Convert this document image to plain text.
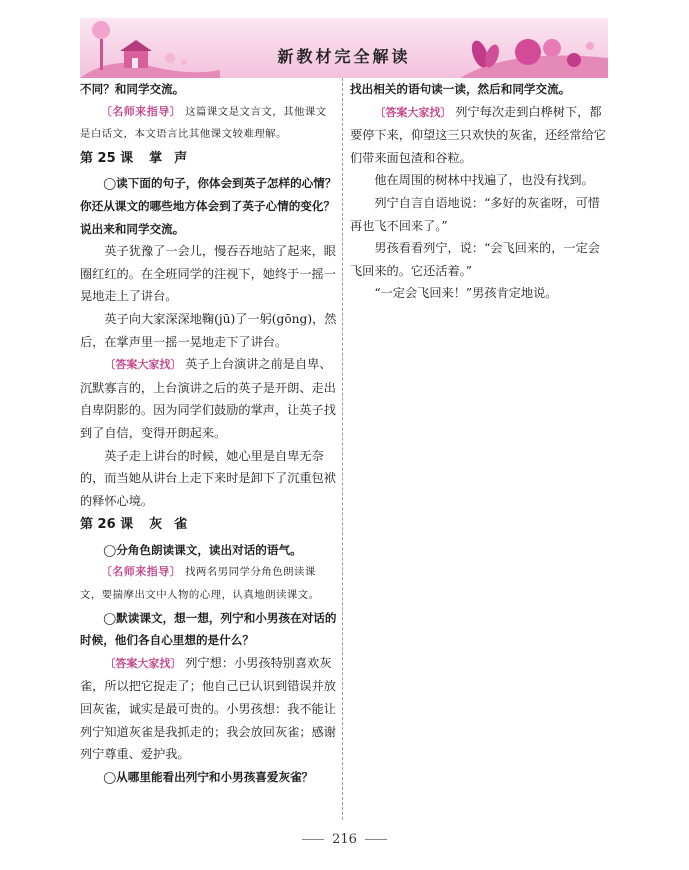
新教材完全解读

不同？和同学交流。

〔名师来指导〕 这篇课文是文言文，其他课文是白话文，本文语言比其他课文较难理解。

第 25 课 掌声

◯读下面的句子，你体会到英子怎样的心情？你还从课文的哪些地方体会到了英子心情的变化？说出来和同学交流。

英子犹豫了一会儿，慢吞吞地站了起来，眼圈红红的。在全班同学的注视下，她终于一摇一晃地走上了讲台。

英子向大家深深地鞠(jū)了一躬(gōng)，然后，在掌声里一摇一晃地走下了讲台。

〔答案大家找〕 英子上台演讲之前是自卑、沉默寡言的，上台演讲之后的英子是开朗、走出自卑阴影的。因为同学们鼓励的掌声，让英子找到了自信，变得开朗起来。

英子走上讲台的时候，她心里是自卑无奈的，而当她从讲台上走下来时是卸下了沉重包袱的释怀心境。

第 26 课 灰雀

◯分角色朗读课文，读出对话的语气。

〔名师来指导〕 找两名男同学分角色朗读课文，要揣摩出文中人物的心理，认真地朗读课文。

◯默读课文，想一想，列宁和小男孩在对话的时候，他们各自心里想的是什么？

〔答案大家找〕 列宁想：小男孩特别喜欢灰雀，所以把它捉走了；他自己已认识到错误并放回灰雀，诚实是最可贵的。小男孩想：我不能让列宁知道灰雀是我抓走的；我会放回灰雀；感谢列宁尊重、爱护我。

◯从哪里能看出列宁和小男孩喜爱灰雀？

找出相关的语句读一读，然后和同学交流。

〔答案大家找〕 列宁每次走到白桦树下，都要停下来，仰望这三只欢快的灰雀，还经常给它们带来面包渣和谷粒。

他在周围的树林中找遍了，也没有找到。

列宁自言自语地说：“多好的灰雀呀，可惜再也飞不回来了。”

男孩看看列宁，说：“会飞回来的，一定会飞回来的。它还活着。”

“一定会飞回来！”男孩肯定地说。

216
